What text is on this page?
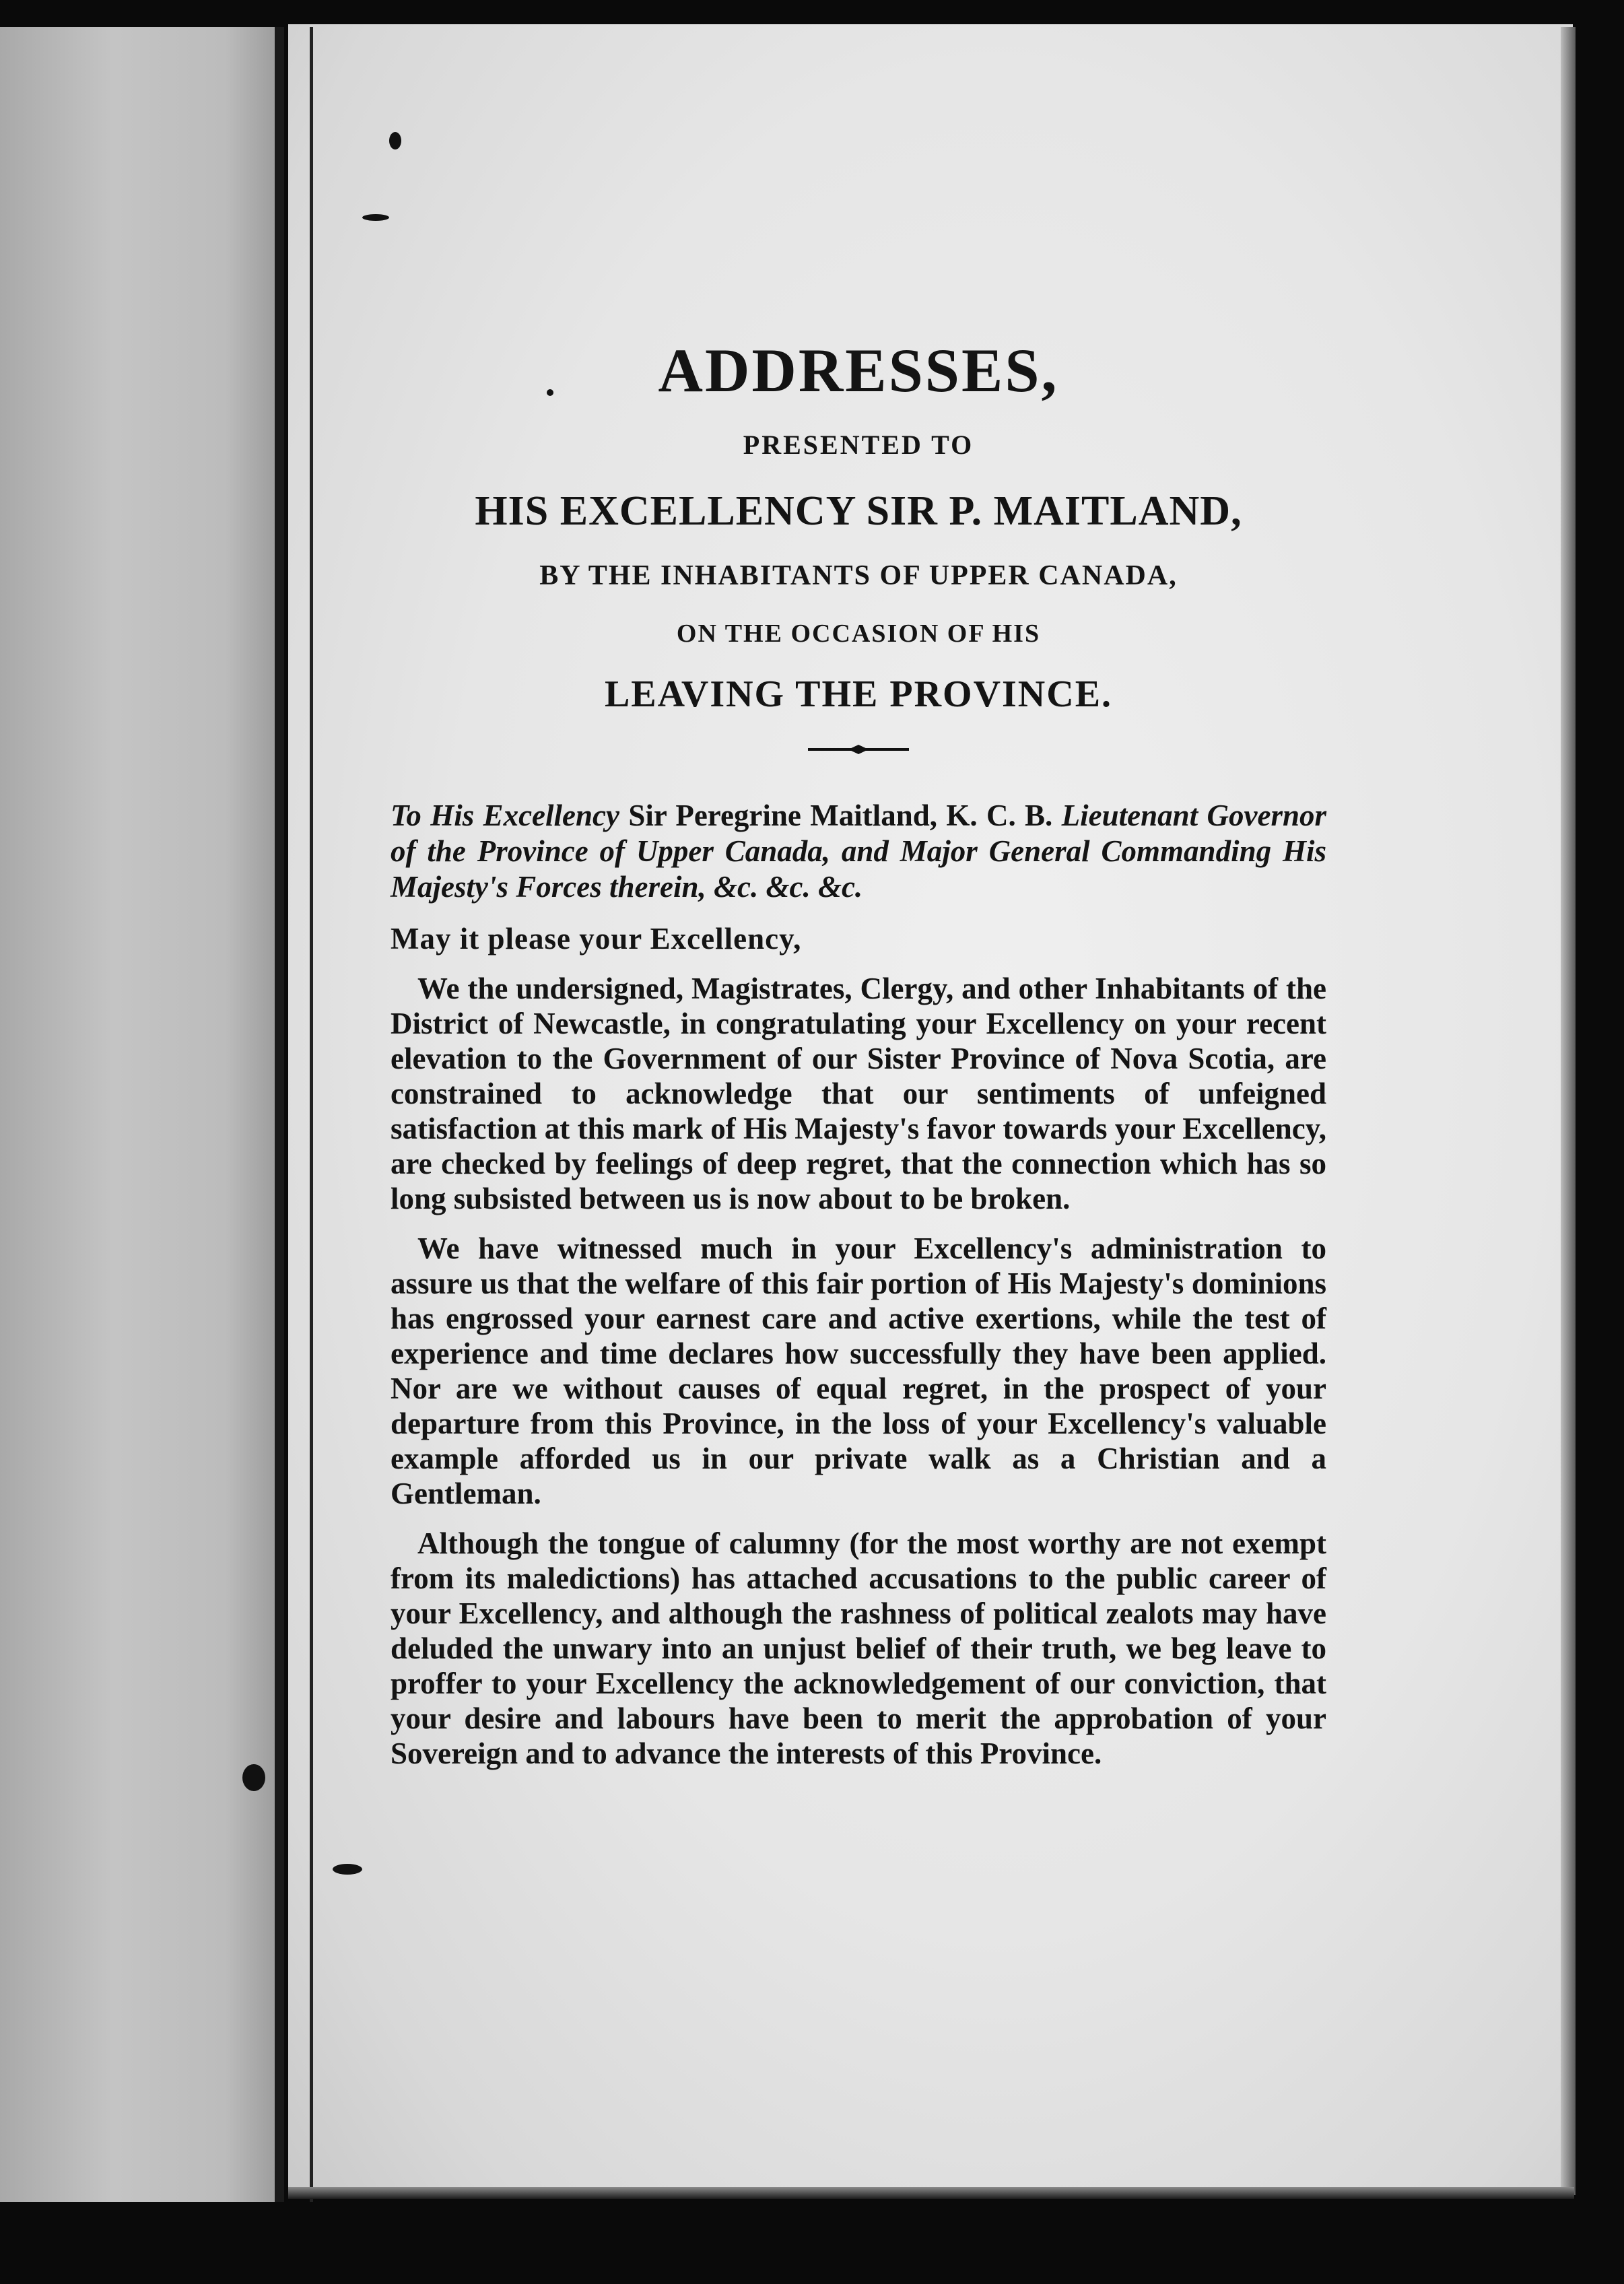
ADDRESSES,
PRESENTED TO
HIS EXCELLENCY SIR P. MAITLAND,
BY THE INHABITANTS OF UPPER CANADA,
ON THE OCCASION OF HIS
LEAVING THE PROVINCE.
To His Excellency Sir Peregrine Maitland, K. C. B. Lieutenant Governor of the Province of Upper Canada, and Major General Commanding His Majesty's Forces therein, &c. &c. &c.
May it please your Excellency,

We the undersigned, Magistrates, Clergy, and other Inhabitants of the District of Newcastle, in congratulating your Excellency on your recent elevation to the Government of our Sister Province of Nova Scotia, are constrained to acknowledge that our sentiments of unfeigned satisfaction at this mark of His Majesty's favor towards your Excellency, are checked by feelings of deep regret, that the connection which has so long subsisted between us is now about to be broken.

We have witnessed much in your Excellency's administration to assure us that the welfare of this fair portion of His Majesty's dominions has engrossed your earnest care and active exertions, while the test of experience and time declares how successfully they have been applied. Nor are we without causes of equal regret, in the prospect of your departure from this Province, in the loss of your Excellency's valuable example afforded us in our private walk as a Christian and a Gentleman.

Although the tongue of calumny (for the most worthy are not exempt from its maledictions) has attached accusations to the public career of your Excellency, and although the rashness of political zealots may have deluded the unwary into an unjust belief of their truth, we beg leave to proffer to your Excellency the acknowledgement of our conviction, that your desire and labours have been to merit the approbation of your Sovereign and to advance the interests of this Province.
